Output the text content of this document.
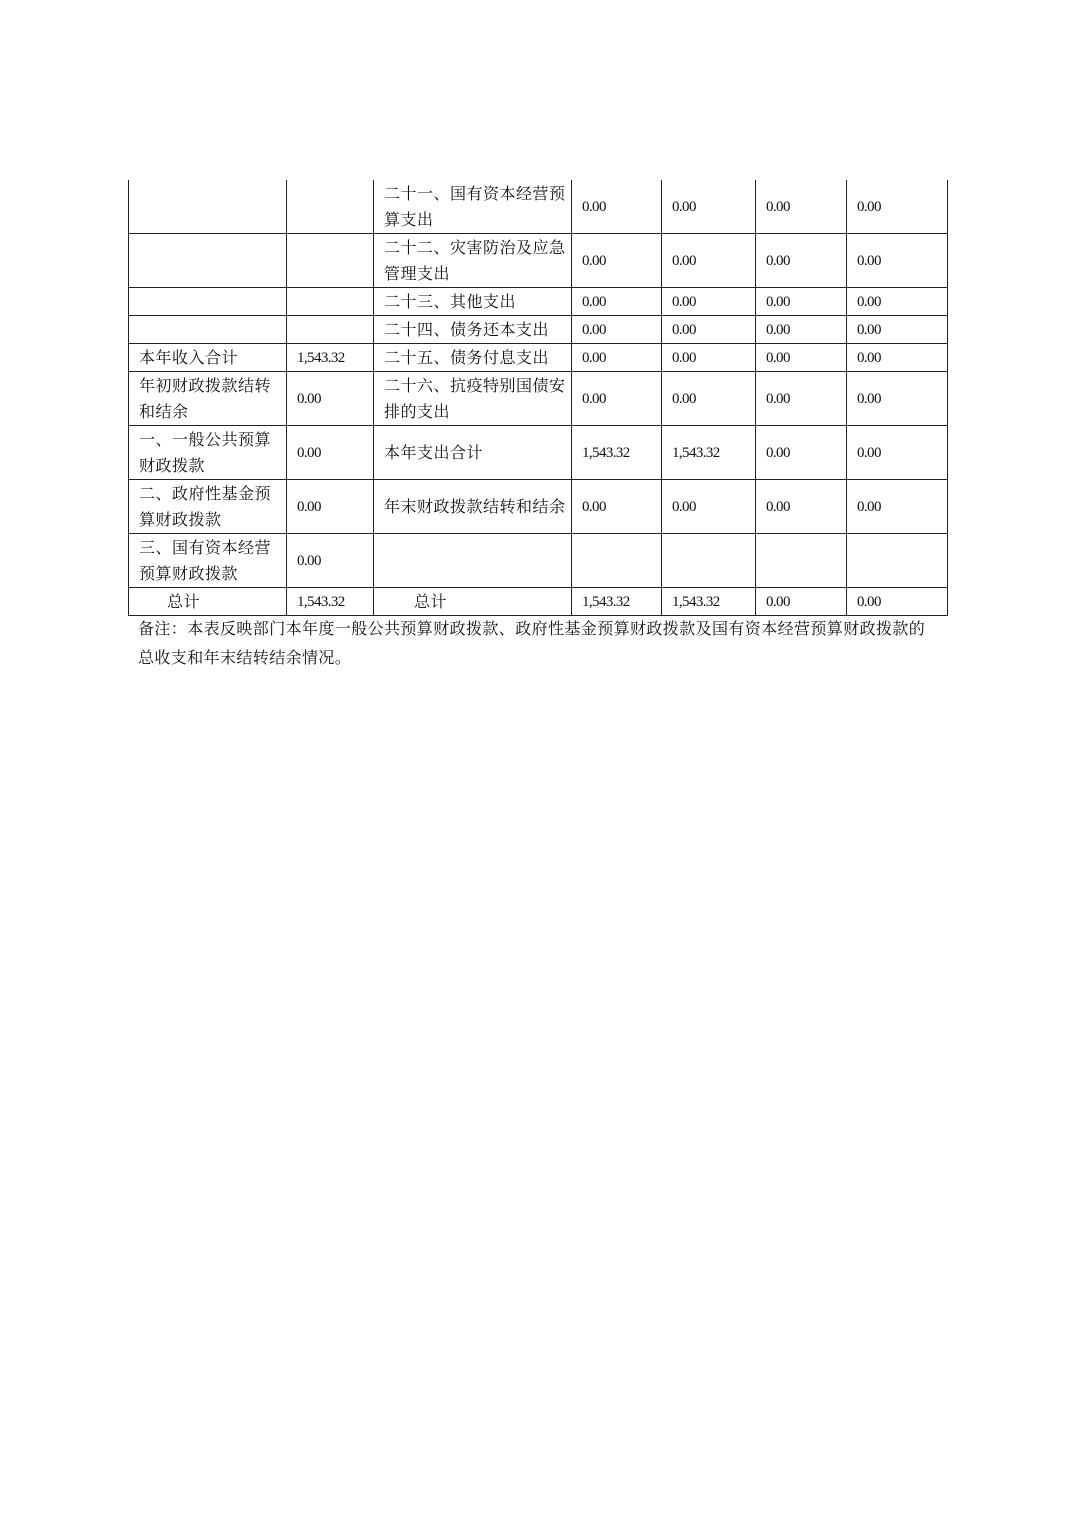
		二十一、国有资本经营预算支出	0.00	0.00	0.00	0.00
		二十二、灾害防治及应急管理支出	0.00	0.00	0.00	0.00
		二十三、其他支出	0.00	0.00	0.00	0.00
		二十四、债务还本支出	0.00	0.00	0.00	0.00
本年收入合计	1,543.32	二十五、债务付息支出	0.00	0.00	0.00	0.00
年初财政拨款结转和结余	0.00	二十六、抗疫特别国债安排的支出	0.00	0.00	0.00	0.00
一、一般公共预算财政拨款	0.00	本年支出合计	1,543.32	1,543.32	0.00	0.00
二、政府性基金预算财政拨款	0.00	年末财政拨款结转和结余	0.00	0.00	0.00	0.00
三、国有资本经营预算财政拨款	0.00					
总计	1,543.32	总计	1,543.32	1,543.32	0.00	0.00

备注：本表反映部门本年度一般公共预算财政拨款、政府性基金预算财政拨款及国有资本经营预算财政拨款的总收支和年末结转结余情况。
